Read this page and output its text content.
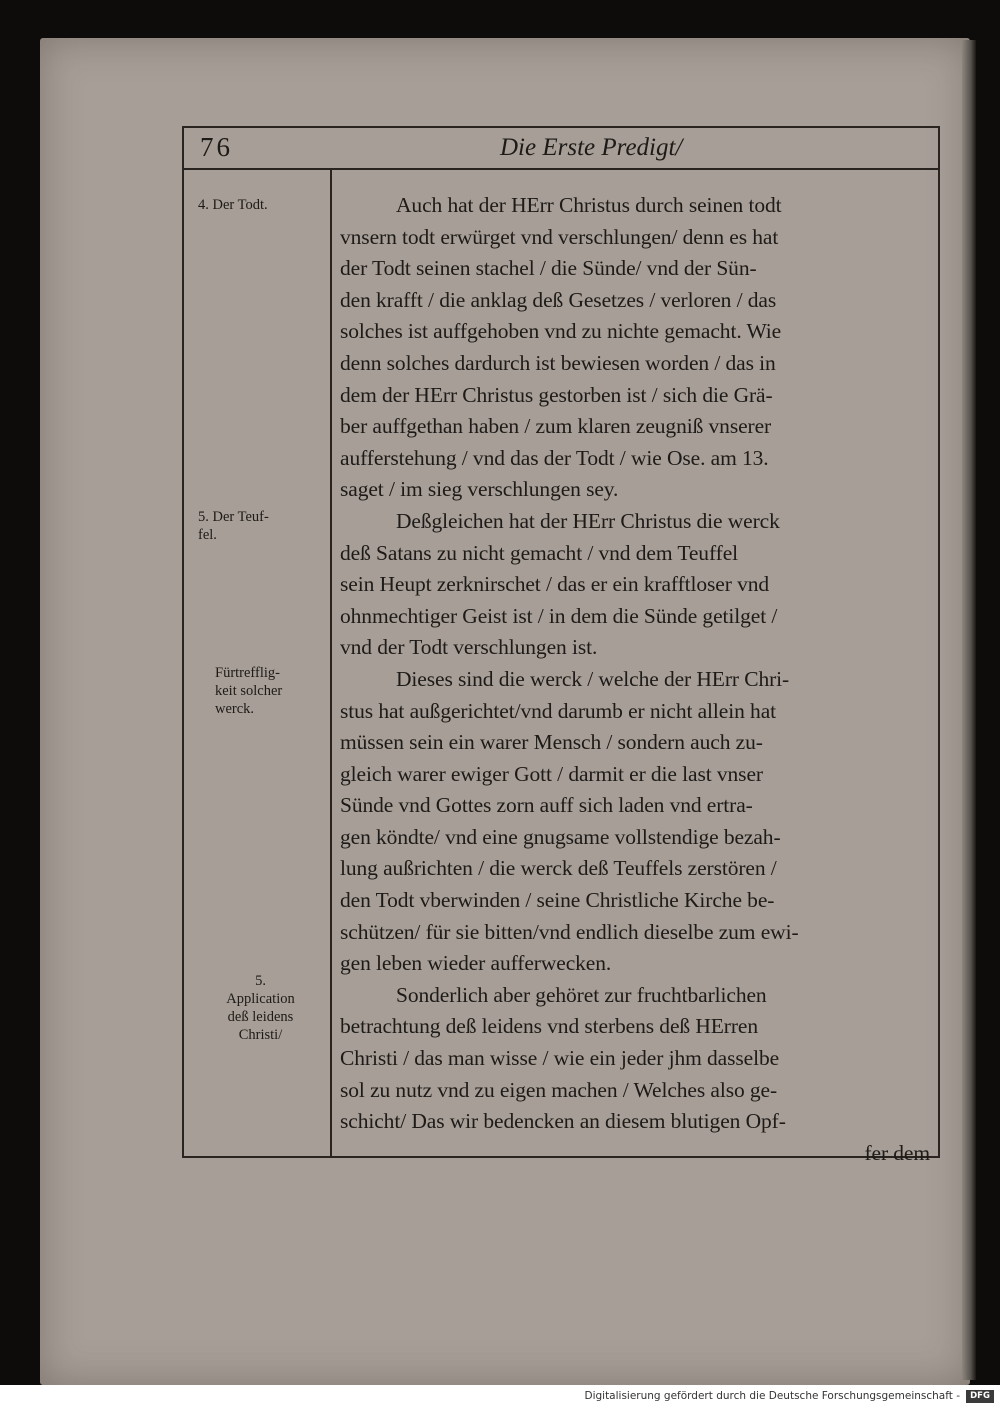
76	Die Erste Predigt/
4. Der Todt.
5. Der Teuf-
fel.
Fürtrefflig-
keit solcher
werck.
5.
Application
deß leidens
Christi/
Auch hat der HErr Christus durch seinen todt
vnsern todt erwürget vnd verschlungen/ denn es hat
der Todt seinen stachel / die Sünde/ vnd der Sün-
den krafft / die anklag deß Gesetzes / verloren / das
solches ist auffgehoben vnd zu nichte gemacht. Wie
denn solches dardurch ist bewiesen worden / das in
dem der HErr Christus gestorben ist / sich die Grä-
ber auffgethan haben / zum klaren zeugniß vnserer
aufferstehung / vnd das der Todt / wie Ose. am 13.
saget / im sieg verschlungen sey.
Deßgleichen hat der HErr Christus die werck
deß Satans zu nicht gemacht / vnd dem Teuffel
sein Heupt zerknirschet / das er ein krafftloser vnd
ohnmechtiger Geist ist / in dem die Sünde getilget /
vnd der Todt verschlungen ist.
Dieses sind die werck / welche der HErr Chri-
stus hat außgerichtet/vnd darumb er nicht allein hat
müssen sein ein warer Mensch / sondern auch zu-
gleich warer ewiger Gott / darmit er die last vnser
Sünde vnd Gottes zorn auff sich laden vnd ertra-
gen köndte/ vnd eine gnugsame vollstendige bezah-
lung außrichten / die werck deß Teuffels zerstören /
den Todt vberwinden / seine Christliche Kirche be-
schützen/ für sie bitten/vnd endlich dieselbe zum ewi-
gen leben wieder aufferwecken.
Sonderlich aber gehöret zur fruchtbarlichen
betrachtung deß leidens vnd sterbens deß HErren
Christi / das man wisse / wie ein jeder jhm dasselbe
sol zu nutz vnd zu eigen machen / Welches also ge-
schicht/ Das wir bedencken an diesem blutigen Opf-
fer dem
Digitalisierung gefördert durch die Deutsche Forschungsgemeinschaft -	DFG
